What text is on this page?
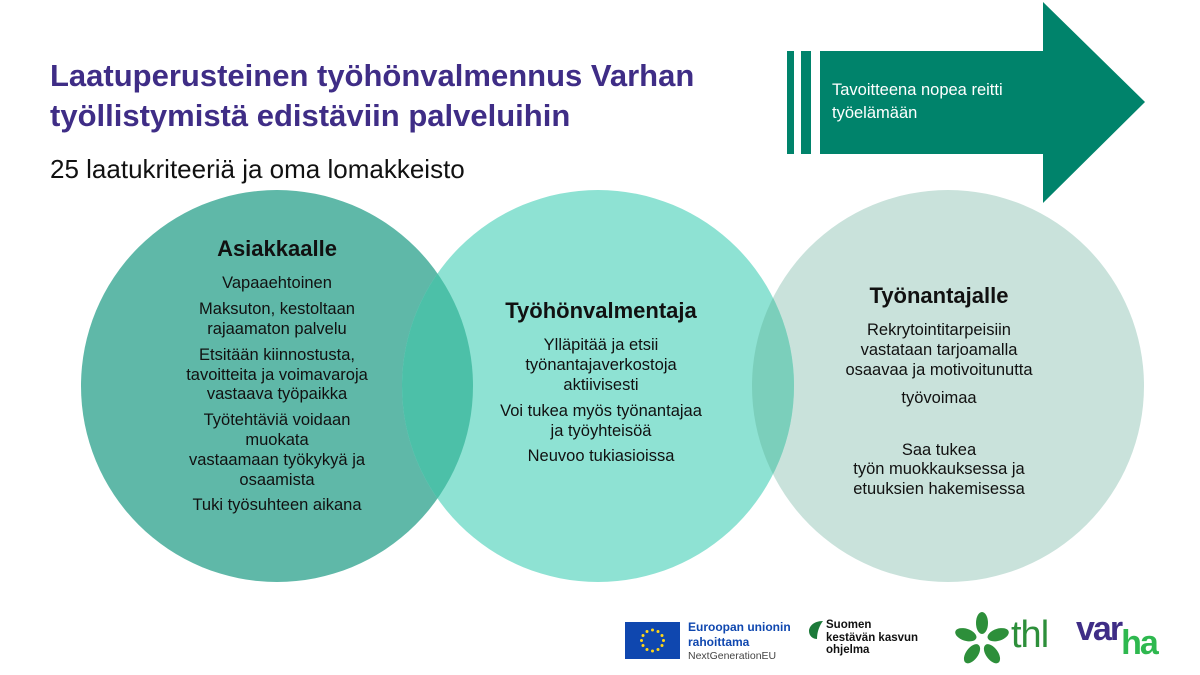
Laatuperusteinen työhönvalmennus Varhan työllistymistä edistäviin palveluihin
25 laatukriteeriä ja oma lomakkeisto
Tavoitteena nopea reitti työelämään
Asiakkaalle

Vapaaehtoinen

Maksuton, kestoltaan
rajaamaton palvelu

Etsitään kiinnostusta,
tavoitteita ja voimavaroja
vastaava työpaikka

Työtehtäviä voidaan
muokata
vastaamaan työkykyä ja
osaamista

Tuki työsuhteen aikana

Työhönvalmentaja

Ylläpitää ja etsii
työnantajaverkostoja
aktiivisesti

Voi tukea myös työnantajaa
ja työyhteisöä

Neuvoo tukiasioissa

Työnantajalle

Rekrytointitarpeisiin
vastataan tarjoamalla
osaavaa ja motivoitunutta

työvoimaa

Saa tukea
työn muokkauksessa ja
etuuksien hakemisessa

Euroopan unionin
rahoittama
NextGenerationEU
Suomen
kestävän kasvun
ohjelma	thl varha
